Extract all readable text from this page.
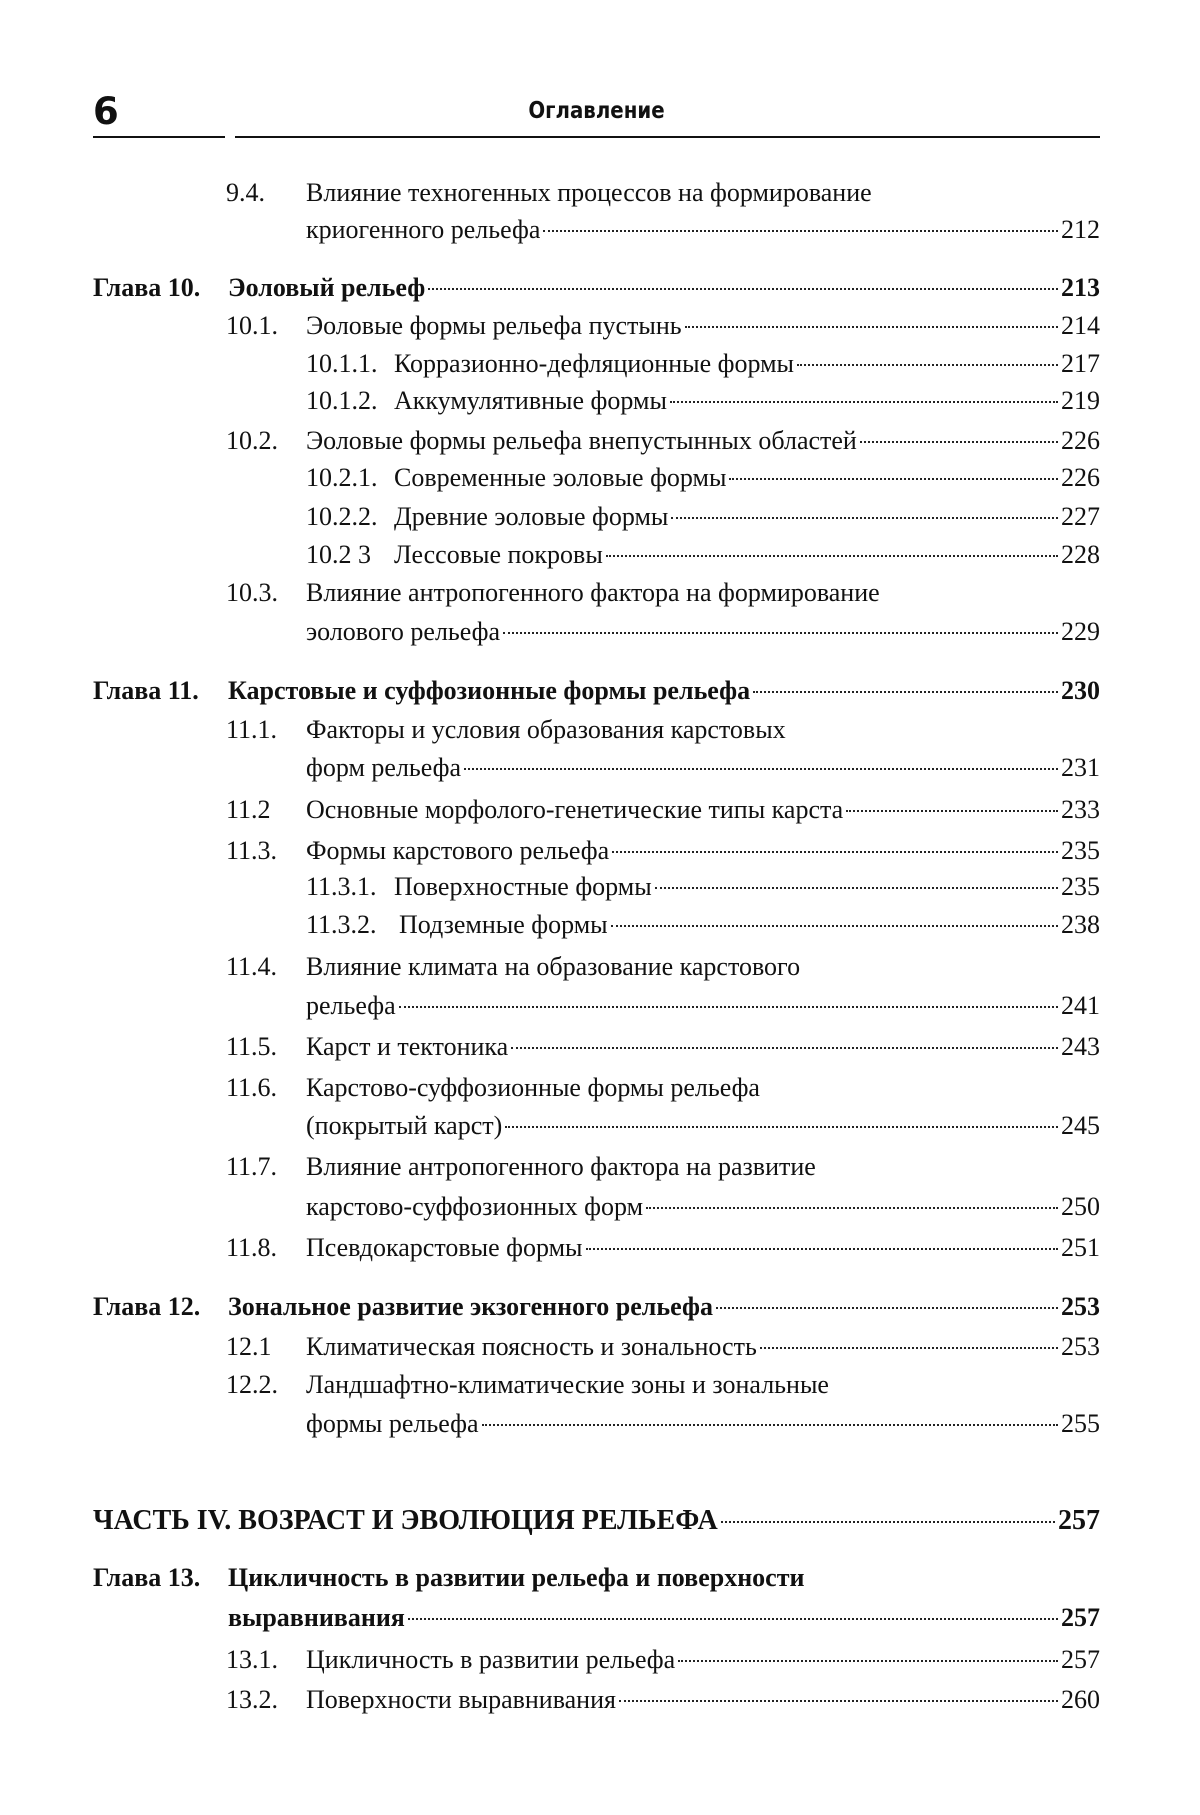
6	Оглавление
9.4.	Влияние техногенных процессов на формирование
криогенного рельефа	212
Глава 10.	Эоловый рельеф	213
10.1.	Эоловые формы рельефа пустынь	214
10.1.1. Корразионно-дефляционные формы	217
10.1.2. Аккумулятивные формы	219
10.2.	Эоловые формы рельефа внепустынных областей	226
10.2.1. Современные эоловые формы	226
10.2.2. Древние эоловые формы	227
10.2 3 Лессовые покровы	228
10.3.	Влияние антропогенного фактора на формирование
эолового рельефа	229
Глава 11.	Карстовые и суффозионные формы рельефа	230
11.1.	Факторы и условия образования карстовых
форм рельефа	231
11.2	Основные морфолого-генетические типы карста	233
11.3.	Формы карстового рельефа	235
11.3.1. Поверхностные формы	235
11.3.2. Подземные формы	238
11.4.	Влияние климата на образование карстового
рельефа	241
11.5.	Карст и тектоника	243
11.6.	Карстово-суффозионные формы рельефа
(покрытый карст)	245
11.7.	Влияние антропогенного фактора на развитие
карстово-суффозионных форм	250
11.8.	Псевдокарстовые формы	251
Глава 12.	Зональное развитие экзогенного рельефа	253
12.1	Климатическая поясность и зональность	253
12.2.	Ландшафтно-климатические зоны и зональные
формы рельефа	255
ЧАСТЬ IV. ВОЗРАСТ И ЭВОЛЮЦИЯ РЕЛЬЕФА	257
Глава 13.	Цикличность в развитии рельефа и поверхности
выравнивания	257
13.1.	Цикличность в развитии рельефа	257
13.2.	Поверхности выравнивания	260
